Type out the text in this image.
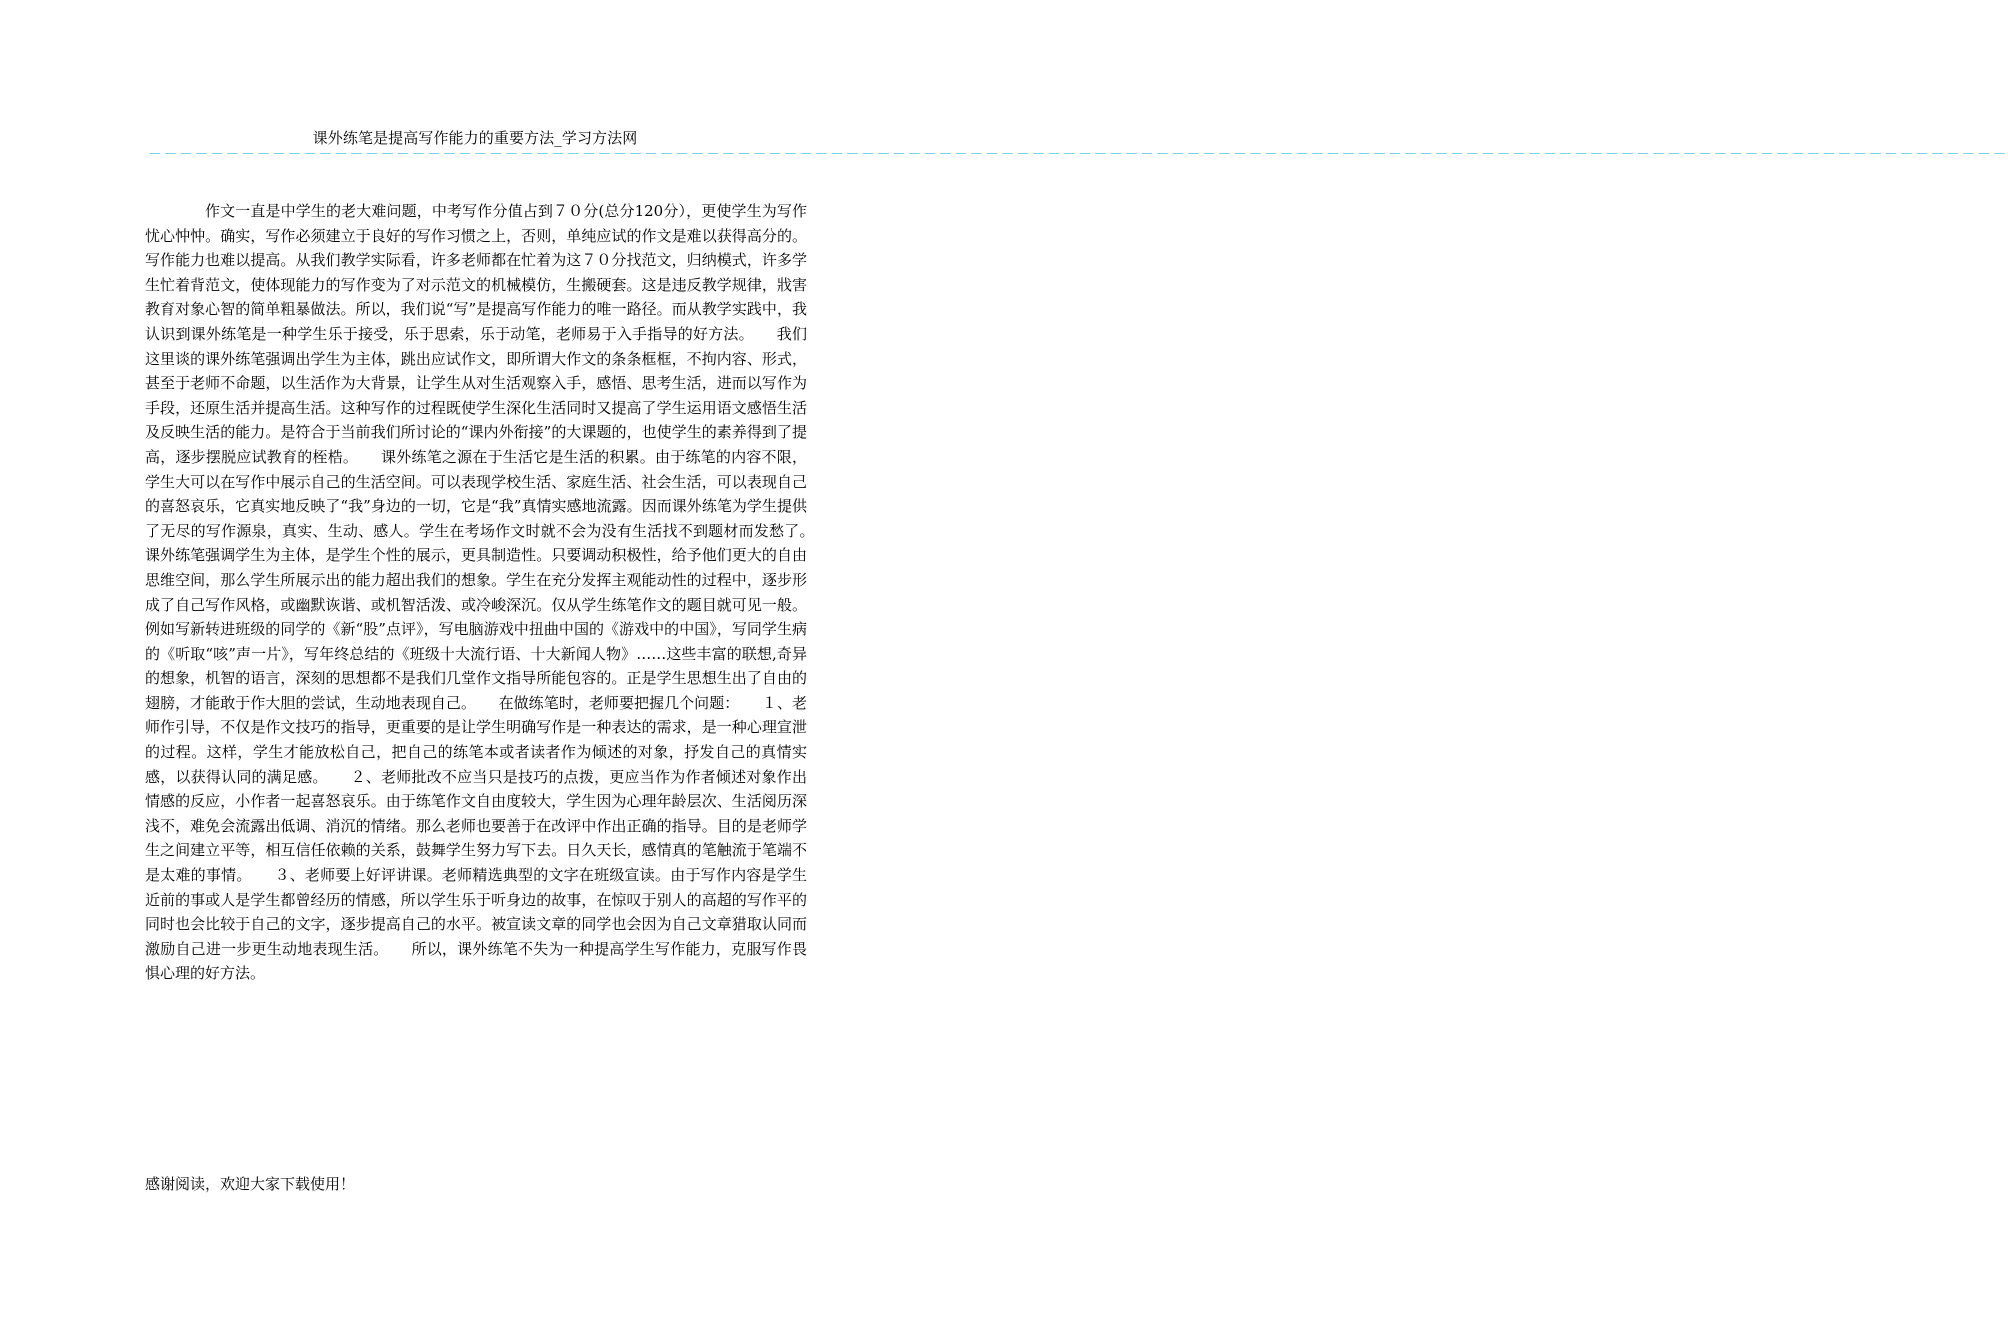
课外练笔是提高写作能力的重要方法_学习方法网
－－－－－－－－－－－－－－－－－－－－－－－－－－－－－－－－－－－－－－－－－－－－－－－－－－－－－－－－－－－－－－－－－－－－－－－－－－－－－－－－－－－－－－－－－－－－－－－－－－－－－－－－－－－－－－－－－－－－－－－－

作文一直是中学生的老大难问题，中考写作分值占到７０分(总分120分），更使学生为写作忧心忡忡。确实，写作必须建立于良好的写作习惯之上，否则，单纯应试的作文是难以获得高分的。写作能力也难以提高。从我们教学实际看，许多老师都在忙着为这７０分找范文，归纳模式，许多学生忙着背范文，使体现能力的写作变为了对示范文的机械模仿，生搬硬套。这是违反教学规律，戕害教育对象心智的简单粗暴做法。所以，我们说“写”是提高写作能力的唯一路径。而从教学实践中，我认识到课外练笔是一种学生乐于接受，乐于思索，乐于动笔，老师易于入手指导的好方法。　　我们这里谈的课外练笔强调出学生为主体，跳出应试作文，即所谓大作文的条条框框，不拘内容、形式，甚至于老师不命题，以生活作为大背景，让学生从对生活观察入手，感悟、思考生活，进而以写作为手段，还原生活并提高生活。这种写作的过程既使学生深化生活同时又提高了学生运用语文感悟生活及反映生活的能力。是符合于当前我们所讨论的“课内外衔接”的大课题的，也使学生的素养得到了提高，逐步摆脱应试教育的桎梏。　　课外练笔之源在于生活它是生活的积累。由于练笔的内容不限，学生大可以在写作中展示自己的生活空间。可以表现学校生活、家庭生活、社会生活，可以表现自己的喜怒哀乐，它真实地反映了“我”身边的一切，它是“我”真情实感地流露。因而课外练笔为学生提供了无尽的写作源泉，真实、生动、感人。学生在考场作文时就不会为没有生活找不到题材而发愁了。　　课外练笔强调学生为主体，是学生个性的展示，更具制造性。只要调动积极性，给予他们更大的自由思维空间，那么学生所展示出的能力超出我们的想象。学生在充分发挥主观能动性的过程中，逐步形成了自己写作风格，或幽默诙谐、或机智活泼、或冷峻深沉。仅从学生练笔作文的题目就可见一般。例如写新转进班级的同学的《新“股”点评》，写电脑游戏中扭曲中国的《游戏中的中国》，写同学生病的《听取“咳”声一片》，写年终总结的《班级十大流行语、十大新闻人物》……这些丰富的联想,奇异的想象，机智的语言，深刻的思想都不是我们几堂作文指导所能包容的。正是学生思想生出了自由的翅膀，才能敢于作大胆的尝试，生动地表现自己。　　在做练笔时，老师要把握几个问题：　　１、老师作引导，不仅是作文技巧的指导，更重要的是让学生明确写作是一种表达的需求，是一种心理宣泄的过程。这样，学生才能放松自己，把自己的练笔本或者读者作为倾述的对象，抒发自己的真情实感，以获得认同的满足感。　　２、老师批改不应当只是技巧的点拨，更应当作为作者倾述对象作出情感的反应，小作者一起喜怒哀乐。由于练笔作文自由度较大，学生因为心理年龄层次、生活阅历深浅不，难免会流露出低调、消沉的情绪。那么老师也要善于在改评中作出正确的指导。目的是老师学生之间建立平等，相互信任依赖的关系，鼓舞学生努力写下去。日久天长，感情真的笔触流于笔端不是太难的事情。　　３、老师要上好评讲课。老师精选典型的文字在班级宣读。由于写作内容是学生近前的事或人是学生都曾经历的情感，所以学生乐于听身边的故事，在惊叹于别人的高超的写作平的同时也会比较于自己的文字，逐步提高自己的水平。被宣读文章的同学也会因为自己文章猎取认同而激励自己进一步更生动地表现生活。　　所以，课外练笔不失为一种提高学生写作能力，克服写作畏惧心理的好方法。

感谢阅读，欢迎大家下载使用！
